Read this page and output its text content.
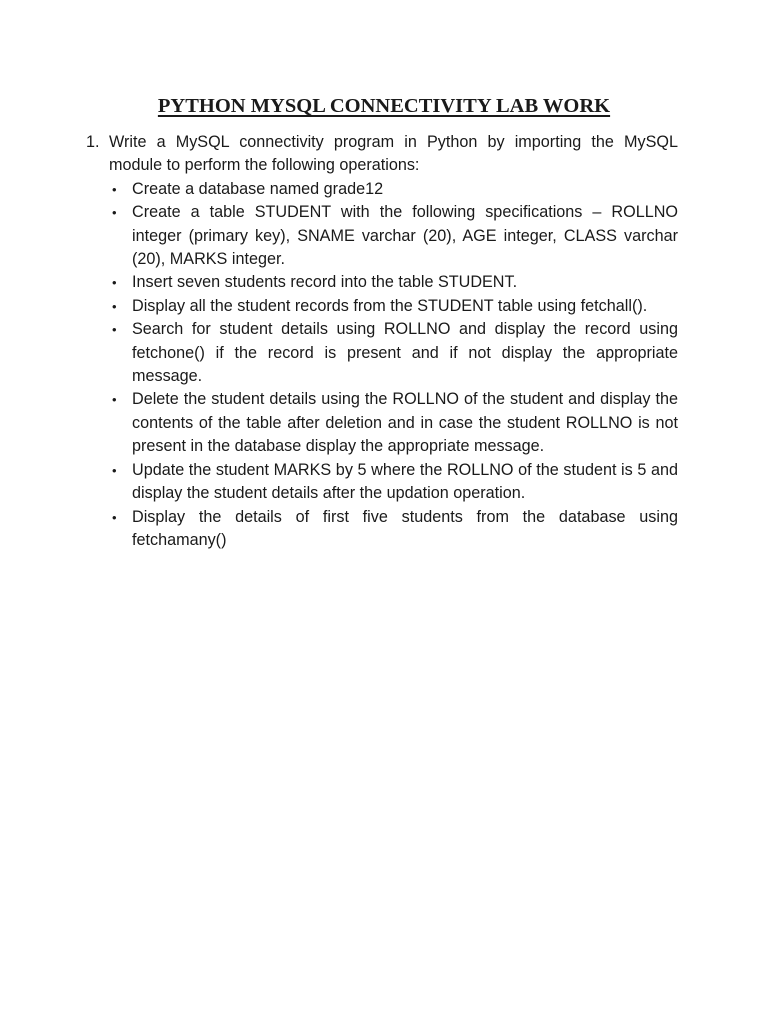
PYTHON MYSQL CONNECTIVITY LAB WORK
1. Write a MySQL connectivity program in Python by importing the MySQL module to perform the following operations:

• Create a database named grade12
• Create a table STUDENT with the following specifications – ROLLNO integer (primary key), SNAME varchar (20), AGE integer, CLASS varchar (20), MARKS integer.
• Insert seven students record into the table STUDENT.
• Display all the student records from the STUDENT table using fetchall().
• Search for student details using ROLLNO and display the record using fetchone() if the record is present and if not display the appropriate message.
• Delete the student details using the ROLLNO of the student and display the contents of the table after deletion and in case the student ROLLNO is not present in the database display the appropriate message.
• Update the student MARKS by 5 where the ROLLNO of the student is 5 and display the student details after the updation operation.
• Display the details of first five students from the database using fetchamany()
